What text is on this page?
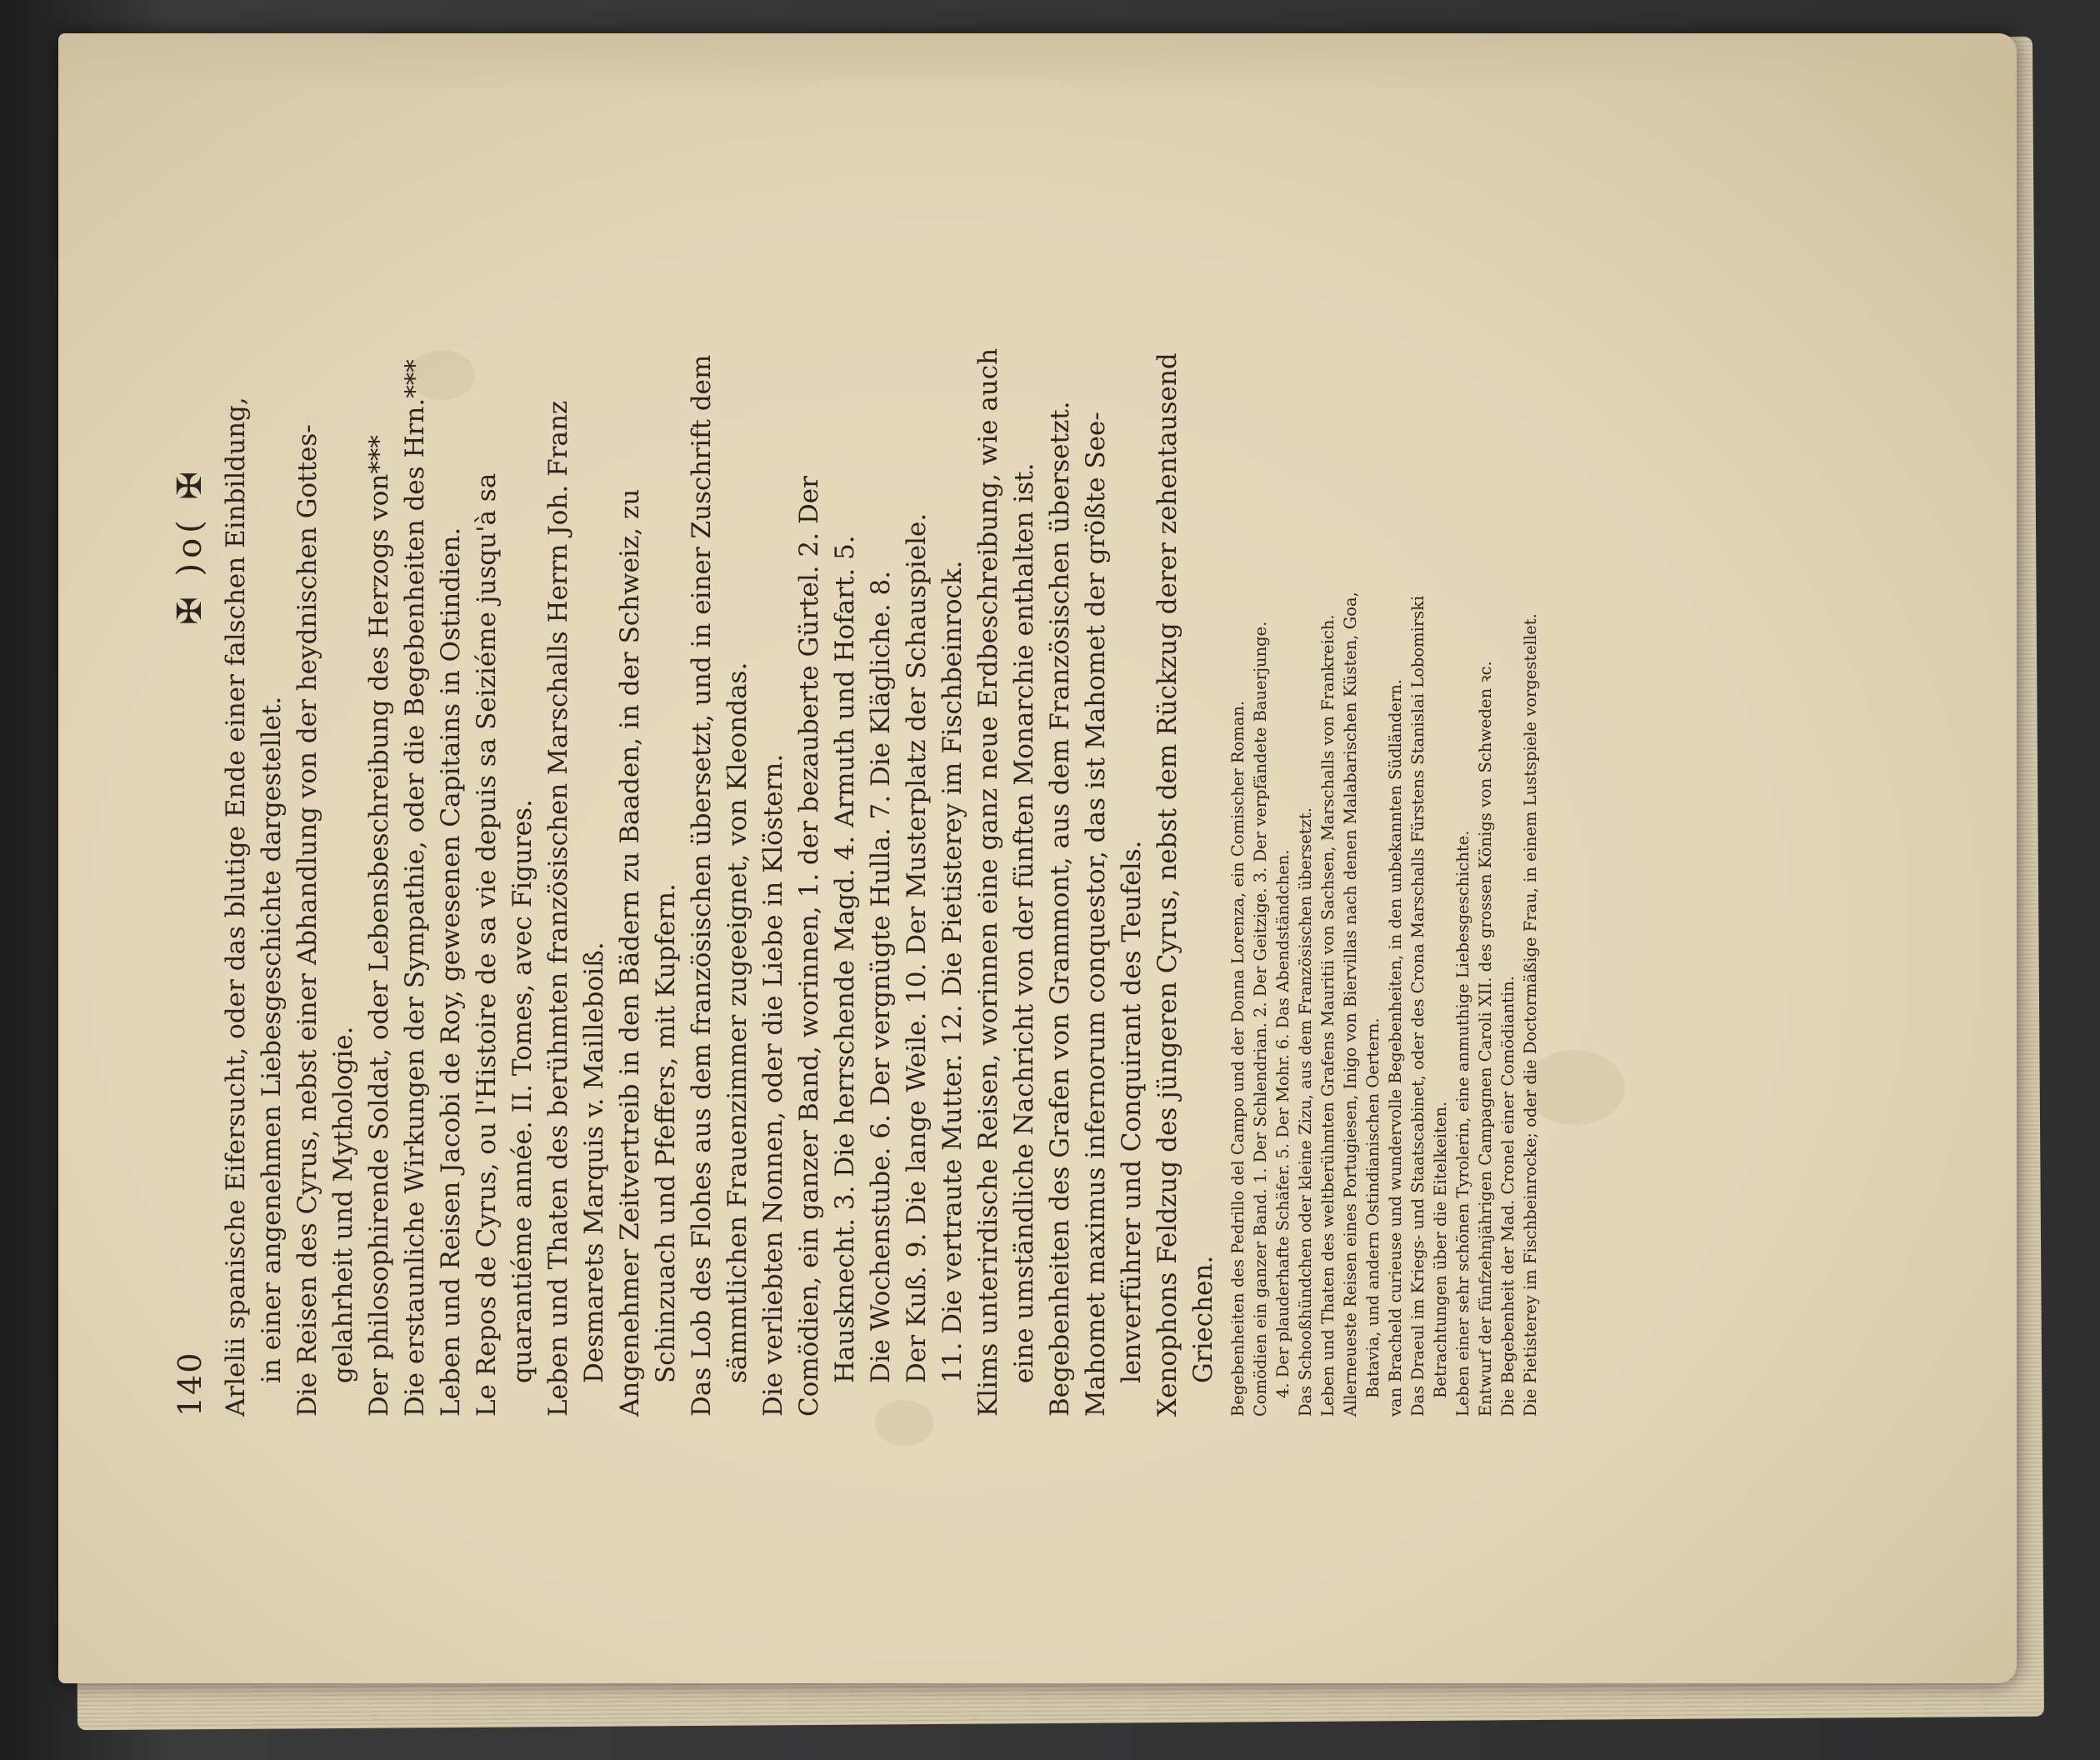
140
✠ )o( ✠
Arlelii spanische Eifersucht, oder das blutige Ende einer falschen Einbildung,
in einer angenehmen Liebesgeschichte dargestellet.
Die Reisen des Cyrus, nebst einer Abhandlung von der heydnischen Gottes-
gelahrheit und Mythologie. Der philosophirende Soldat, oder Lebensbeschreibung des Herzogs von*** Die erstaunliche Wirkungen der Sympathie, oder die Begebenheiten des Hrn.*** Leben und Reisen Jacobi de Roy, gewesenen Capitains in Ostindien. Le Repos de Cyrus, ou l'Histoire de sa vie depuis sa Seiziéme jusqu'à sa
quarantiéme année. II. Tomes, avec Figures.
Leben und Thaten des berühmten französischen Marschalls Herrn Joh. Franz
Desmarets Marquis v. Mailleboiß.
Angenehmer Zeitvertreib in den Bädern zu Baaden, in der Schweiz, zu
Schinzuach und Pfeffers, mit Kupfern.
Das Lob des Flohes aus dem französischen übersetzt, und in einer Zuschrift dem
sämmtlichen Frauenzimmer zugeeignet, von Kleondas.
Die verliebten Nonnen, oder die Liebe in Klöstern. Comödien, ein ganzer Band, worinnen, 1. der bezauberte Gürtel. 2. Der
Hausknecht. 3. Die herrschende Magd. 4. Armuth und Hofart. 5.
Die Wochenstube. 6. Der vergnügte Hulla. 7. Die Klägliche. 8.
Der Kuß. 9. Die lange Weile. 10. Der Musterplatz der Schauspiele.
11. Die vertraute Mutter. 12. Die Pietisterey im Fischbeinrock.
Klims unterirdische Reisen, worinnen eine ganz neue Erdbeschreibung, wie auch
eine umständliche Nachricht von der fünften Monarchie enthalten ist. Begebenheiten des Grafen von Grammont, aus dem Französischen übersetzt. Mahomet maximus infernorum conquestor, das ist Mahomet der größte See-
lenverführer und Conquirant des Teufels.
Xenophons Feldzug des jüngeren Cyrus, nebst dem Rückzug derer zehentausend
Griechen. Begebenheiten des Pedrillo del Campo und der Donna Lorenza, ein Comischer Roman. Comödien ein ganzer Band. 1. Der Schlendrian. 2. Der Geitzige. 3. Der verpfändete Bauerjunge.
4. Der plauderhafte Schäfer. 5. Der Mohr. 6. Das Abendständchen. Das Schooßhündchen oder kleine Zizu, aus dem Französischen übersetzt. Leben und Thaten des weltberühmten Grafens Mauritii von Sachsen, Marschalls von Frankreich. Allerneueste Reisen eines Portugiesen, Inigo von Biervillas nach denen Malabarischen Küsten, Goa,
Batavia, und andern Ostindianischen Oertern. van Bracheld curieuse und wundervolle Begebenheiten, in den unbekannten Südländern. Das Draeul im Kriegs- und Staatscabinet, oder des Crona Marschalls Fürstens Stanislai Lobomirski
Betrachtungen über die Eitelkeiten. Leben einer sehr schönen Tyrolerin, eine anmuthige Liebesgeschichte. Entwurf der fünfzehnjährigen Campagnen Caroli XII. des grossen Königs von Schweden ꝛc. Die Begebenheit der Mad. Cronel einer Comödiantin. Die Pietisterey im Fischbeinrocke; oder die Doctormäßige Frau, in einem Lustspiele vorgestellet.
